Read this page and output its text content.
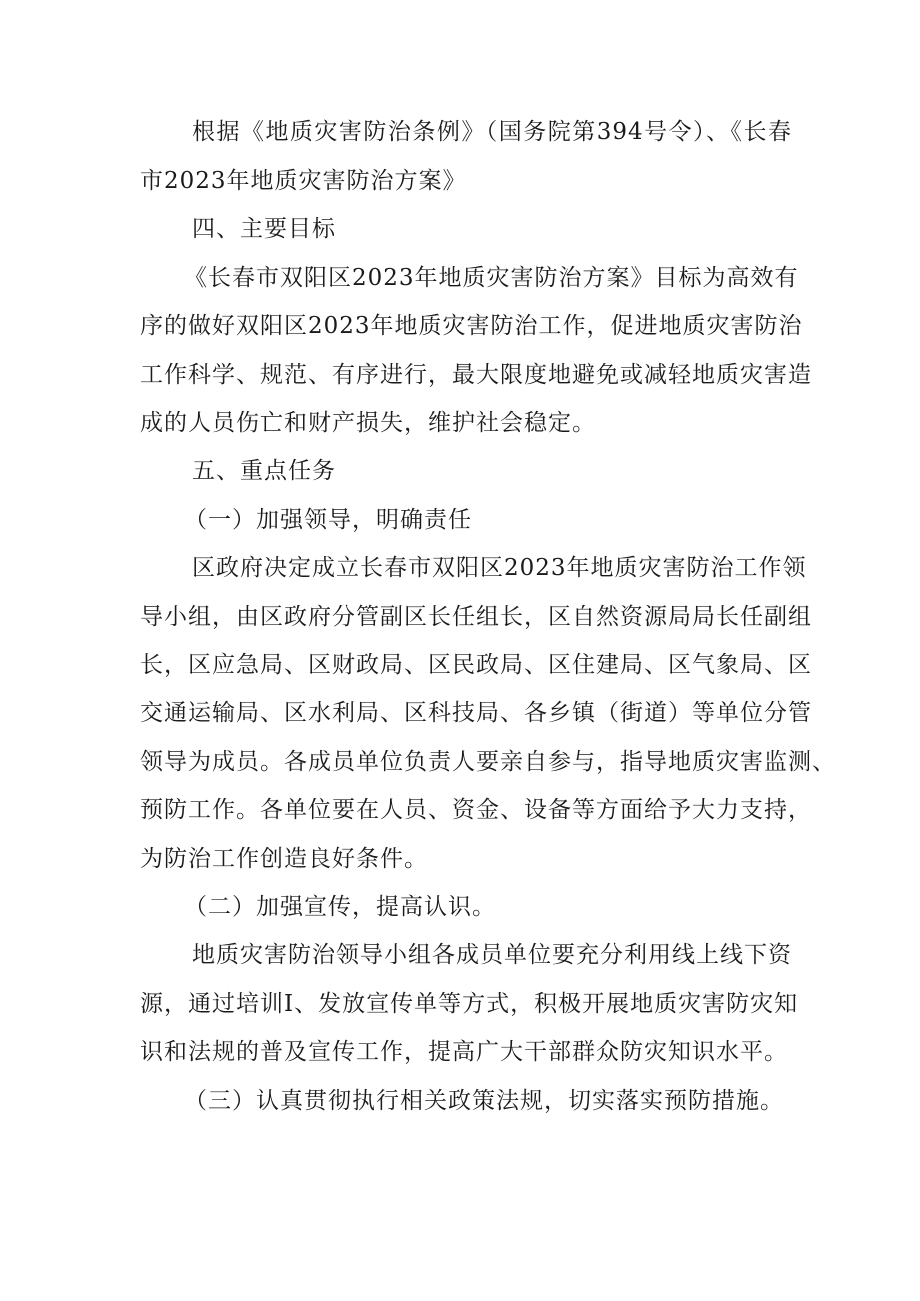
根据《地质灾害防治条例》（国务院第394号令）、《长春
市2023年地质灾害防治方案》
四、主要目标
《长春市双阳区2023年地质灾害防治方案》目标为高效有
序的做好双阳区2023年地质灾害防治工作，促进地质灾害防治
工作科学、规范、有序进行，最大限度地避免或减轻地质灾害造
成的人员伤亡和财产损失，维护社会稳定。
五、重点任务
（一）加强领导，明确责任
区政府决定成立长春市双阳区2023年地质灾害防治工作领
导小组，由区政府分管副区长任组长，区自然资源局局长任副组
长，区应急局、区财政局、区民政局、区住建局、区气象局、区
交通运输局、区水利局、区科技局、各乡镇（街道）等单位分管
领导为成员。各成员单位负责人要亲自参与，指导地质灾害监测、
预防工作。各单位要在人员、资金、设备等方面给予大力支持，
为防治工作创造良好条件。
（二）加强宣传，提高认识。
地质灾害防治领导小组各成员单位要充分利用线上线下资
源，通过培训I、发放宣传单等方式，积极开展地质灾害防灾知
识和法规的普及宣传工作，提高广大干部群众防灾知识水平。
（三）认真贯彻执行相关政策法规，切实落实预防措施。
